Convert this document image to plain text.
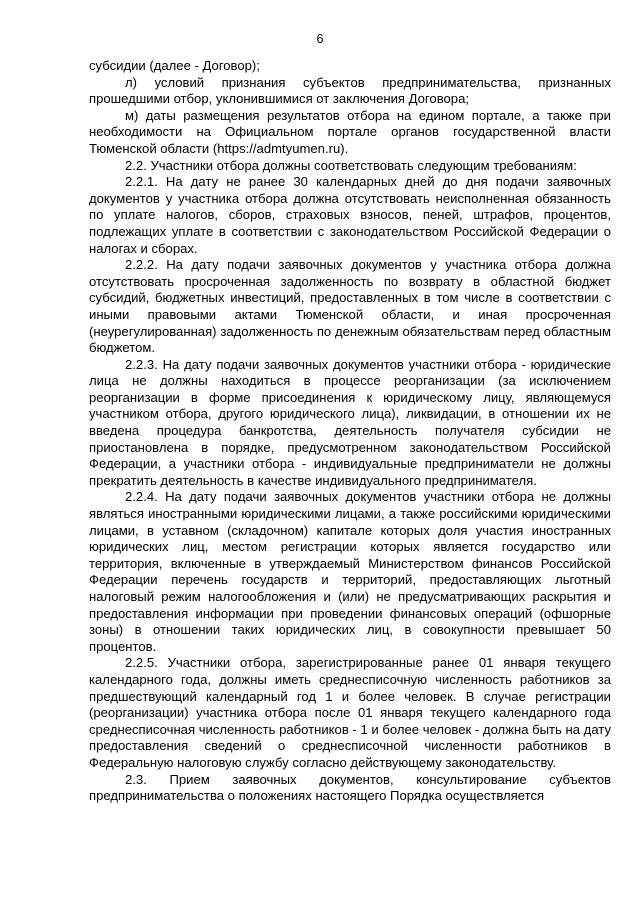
6

субсидии (далее - Договор);

л) условий признания субъектов предпринимательства, признанных прошедшими отбор, уклонившимися от заключения Договора;

м) даты размещения результатов отбора на едином портале, а также при необходимости на Официальном портале органов государственной власти Тюменской области (https://admtyumen.ru).

2.2. Участники отбора должны соответствовать следующим требованиям:

2.2.1. На дату не ранее 30 календарных дней до дня подачи заявочных документов у участника отбора должна отсутствовать неисполненная обязанность по уплате налогов, сборов, страховых взносов, пеней, штрафов, процентов, подлежащих уплате в соответствии с законодательством Российской Федерации о налогах и сборах.

2.2.2. На дату подачи заявочных документов у участника отбора должна отсутствовать просроченная задолженность по возврату в областной бюджет субсидий, бюджетных инвестиций, предоставленных в том числе в соответствии с иными правовыми актами Тюменской области, и иная просроченная (неурегулированная) задолженность по денежным обязательствам перед областным бюджетом.

2.2.3. На дату подачи заявочных документов участники отбора - юридические лица не должны находиться в процессе реорганизации (за исключением реорганизации в форме присоединения к юридическому лицу, являющемуся участником отбора, другого юридического лица), ликвидации, в отношении их не введена процедура банкротства, деятельность получателя субсидии не приостановлена в порядке, предусмотренном законодательством Российской Федерации, а участники отбора - индивидуальные предприниматели не должны прекратить деятельность в качестве индивидуального предпринимателя.

2.2.4. На дату подачи заявочных документов участники отбора не должны являться иностранными юридическими лицами, а также российскими юридическими лицами, в уставном (складочном) капитале которых доля участия иностранных юридических лиц, местом регистрации которых является государство или территория, включенные в утверждаемый Министерством финансов Российской Федерации перечень государств и территорий, предоставляющих льготный налоговый режим налогообложения и (или) не предусматривающих раскрытия и предоставления информации при проведении финансовых операций (офшорные зоны) в отношении таких юридических лиц, в совокупности превышает 50 процентов.

2.2.5. Участники отбора, зарегистрированные ранее 01 января текущего календарного года, должны иметь среднесписочную численность работников за предшествующий календарный год 1 и более человек. В случае регистрации (реорганизации) участника отбора после 01 января текущего календарного года среднесписочная численность работников - 1 и более человек - должна быть на дату предоставления сведений о среднесписочной численности работников в Федеральную налоговую службу согласно действующему законодательству.

2.3. Прием заявочных документов, консультирование субъектов предпринимательства о положениях настоящего Порядка осуществляется
